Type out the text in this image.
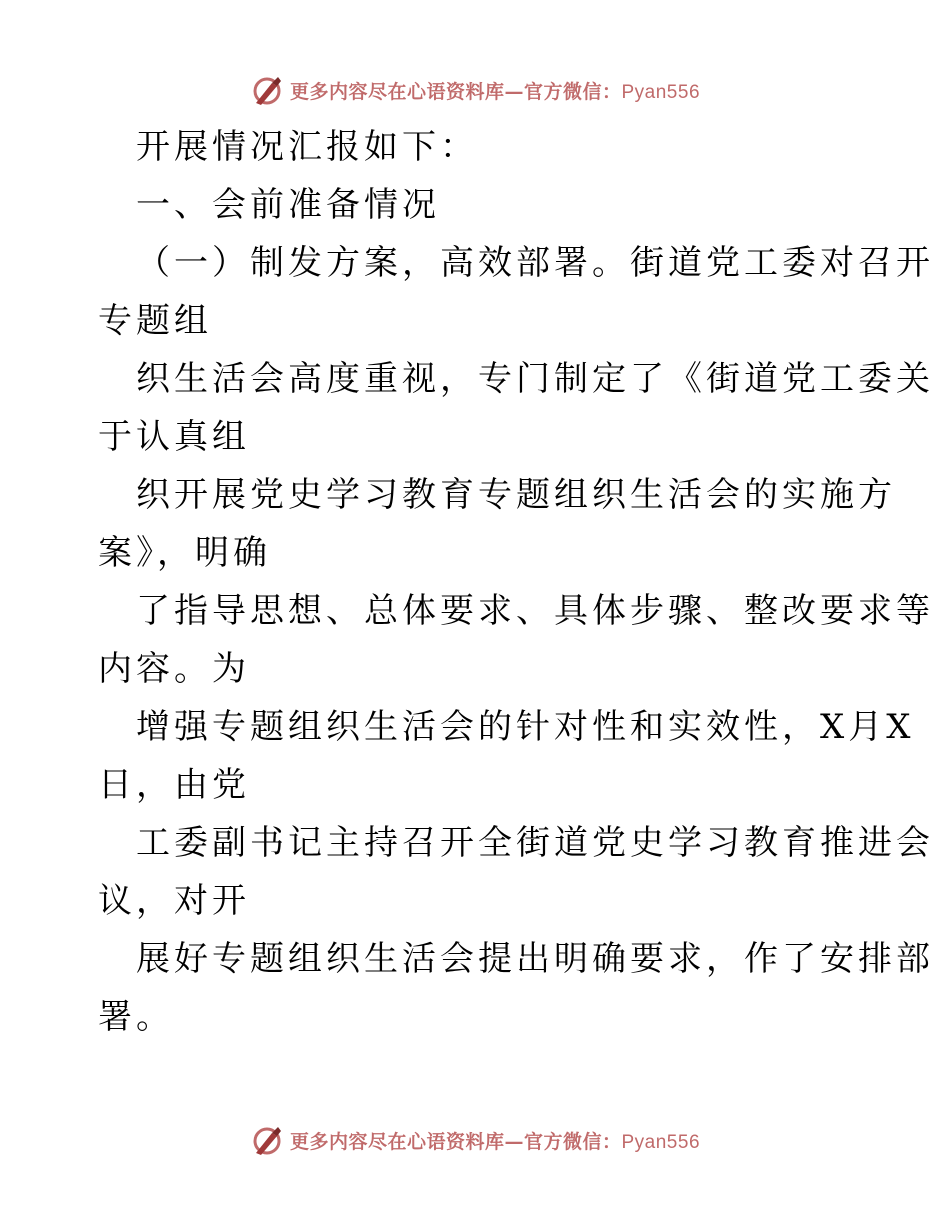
更多内容尽在心语资料库—官方微信：Pyan556
开展情况汇报如下：
一、会前准备情况
（一）制发方案，高效部署。街道党工委对召开
专题组
织生活会高度重视，专门制定了《街道党工委关
于认真组
织开展党史学习教育专题组织生活会的实施方
案》，明确
了指导思想、总体要求、具体步骤、整改要求等
内容。为
增强专题组织生活会的针对性和实效性，X月X
日，由党
工委副书记主持召开全街道党史学习教育推进会
议，对开
展好专题组织生活会提出明确要求，作了安排部
署。
更多内容尽在心语资料库—官方微信：Pyan556
